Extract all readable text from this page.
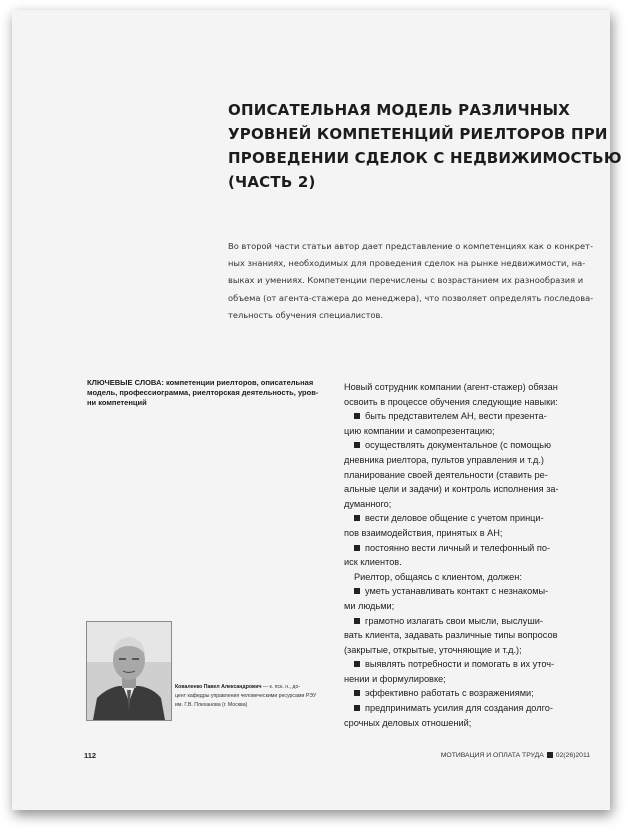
ОПИСАТЕЛЬНАЯ МОДЕЛЬ РАЗЛИЧНЫХ
УРОВНЕЙ КОМПЕТЕНЦИЙ РИЕЛТОРОВ ПРИ
ПРОВЕДЕНИИ СДЕЛОК С НЕДВИЖИМОСТЬЮ
(ЧАСТЬ 2)
Во второй части статьи автор дает представление о компетенциях как о конкрет-
ных знаниях, необходимых для проведения сделок на рынке недвижимости, на-
выках и умениях. Компетенции перечислены с возрастанием их разнообразия и
объема (от агента-стажера до менеджера), что позволяет определять последова-
тельность обучения специалистов.
КЛЮЧЕВЫЕ СЛОВА: компетенции риелторов, описательная
модель, профессиограмма, риелторская деятельность, уров-
ни компетенций
Коваленко Павел Александрович — к. пск. н., до-
цент кафедры управления человеческими ресурсами РЭУ
им. Г.В. Плеханова (г. Москва)
Новый сотрудник компании (агент-стажер) обязан
освоить в процессе обучения следующие навыки:
быть представителем АН, вести презента-
цию компании и самопрезентацию;
осуществлять документальное (с помощью
дневника риелтора, пультов управления и т.д.)
планирование своей деятельности (ставить ре-
альные цели и задачи) и контроль исполнения за-
думанного;
вести деловое общение с учетом принци-
пов взаимодействия, принятых в АН;
постоянно вести личный и телефонный по-
иск клиентов.
Риелтор, общаясь с клиентом, должен:
уметь устанавливать контакт с незнакомы-
ми людьми;
грамотно излагать свои мысли, выслуши-
вать клиента, задавать различные типы вопросов
(закрытые, открытые, уточняющие и т.д.);
выявлять потребности и помогать в их уточ-
нении и формулировке;
эффективно работать с возражениями;
предпринимать усилия для создания долго-
срочных деловых отношений;
112	МОТИВАЦИЯ И ОПЛАТА ТРУДА 02(26)2011
